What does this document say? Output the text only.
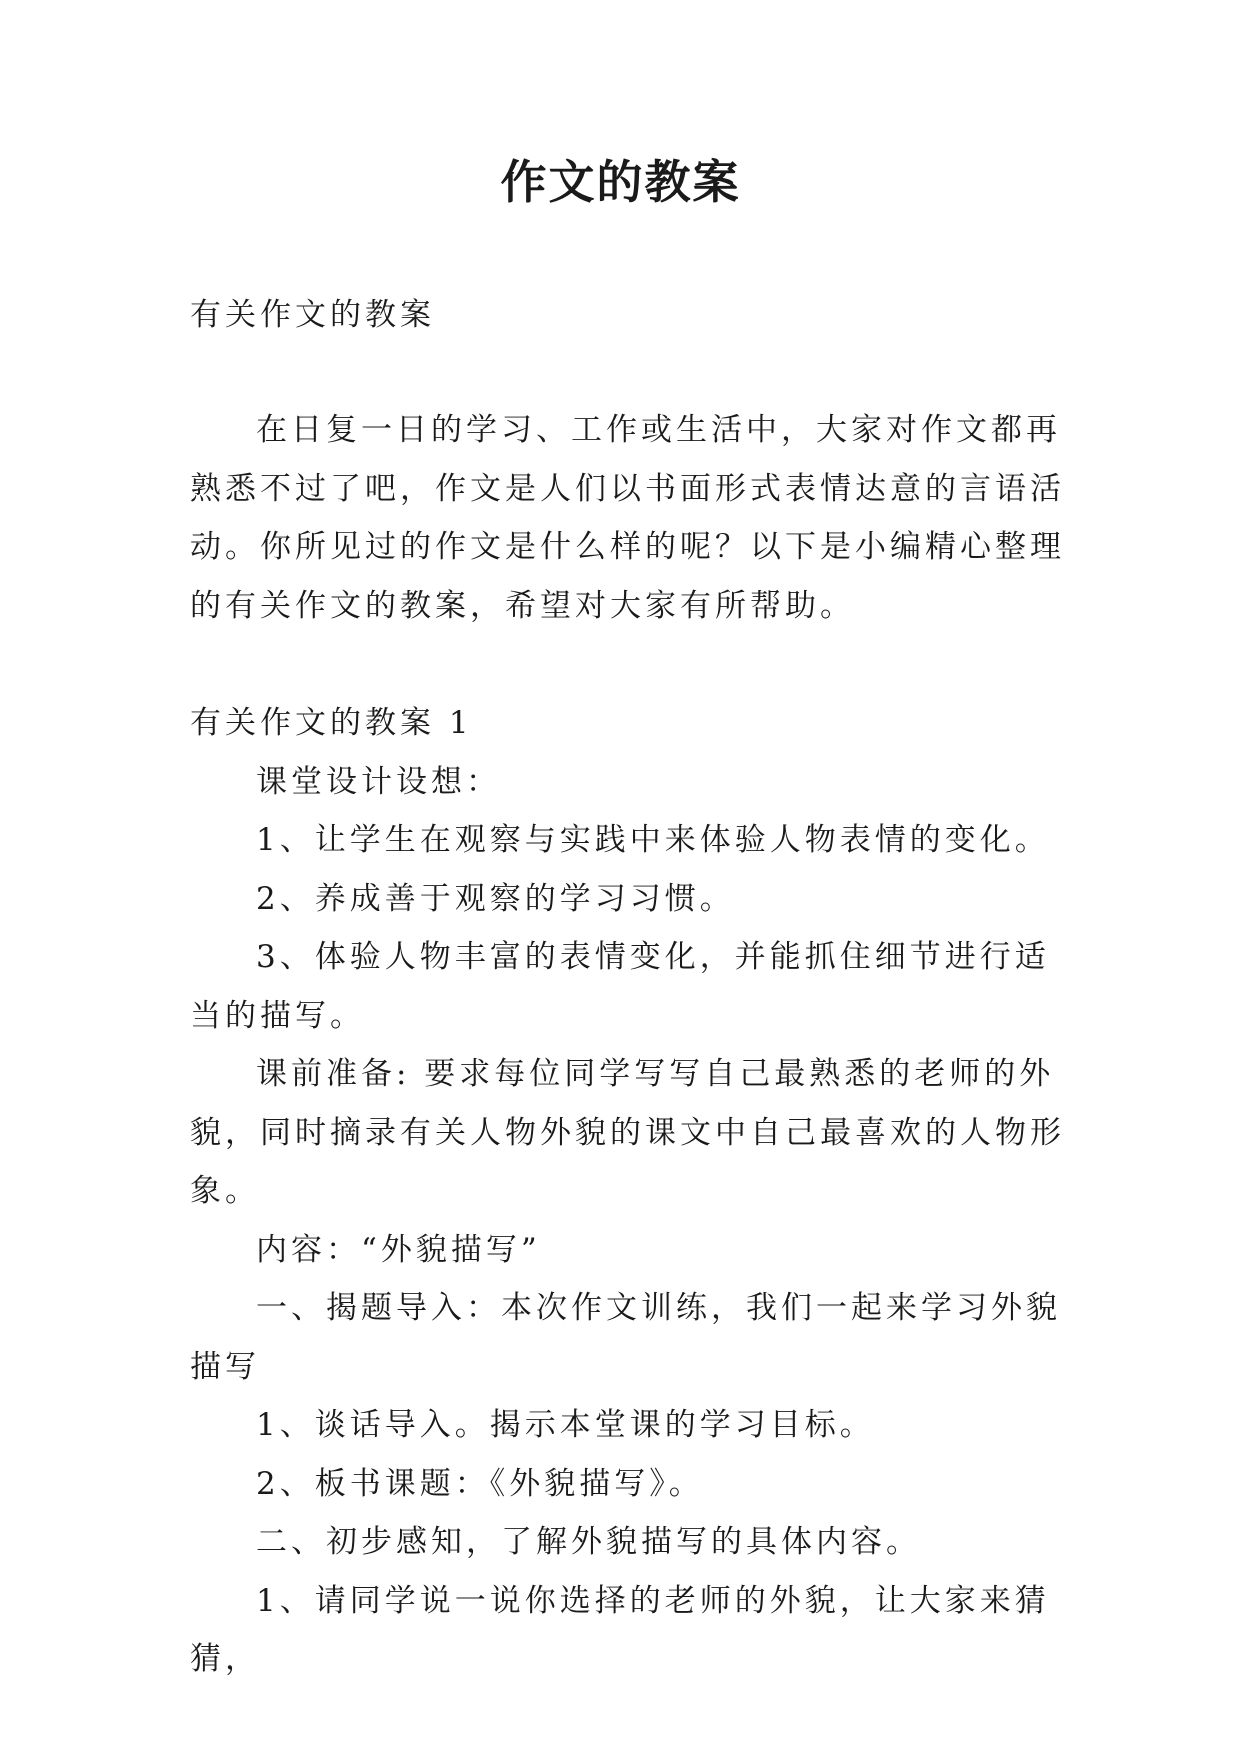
作文的教案
有关作文的教案

在日复一日的学习、工作或生活中，大家对作文都再熟悉不过了吧，作文是人们以书面形式表情达意的言语活动。你所见过的作文是什么样的呢？以下是小编精心整理的有关作文的教案，希望对大家有所帮助。

有关作文的教案 1

课堂设计设想：

1、让学生在观察与实践中来体验人物表情的变化。

2、养成善于观察的学习习惯。

3、体验人物丰富的表情变化，并能抓住细节进行适当的描写。

课前准备: 要求每位同学写写自己最熟悉的老师的外貌，同时摘录有关人物外貌的课文中自己最喜欢的人物形象。

内容：“外貌描写”

一、揭题导入：本次作文训练，我们一起来学习外貌描写

1、谈话导入。揭示本堂课的学习目标。

2、板书课题：《外貌描写》。

二、初步感知，了解外貌描写的具体内容。

1、请同学说一说你选择的老师的外貌，让大家来猜猜，
